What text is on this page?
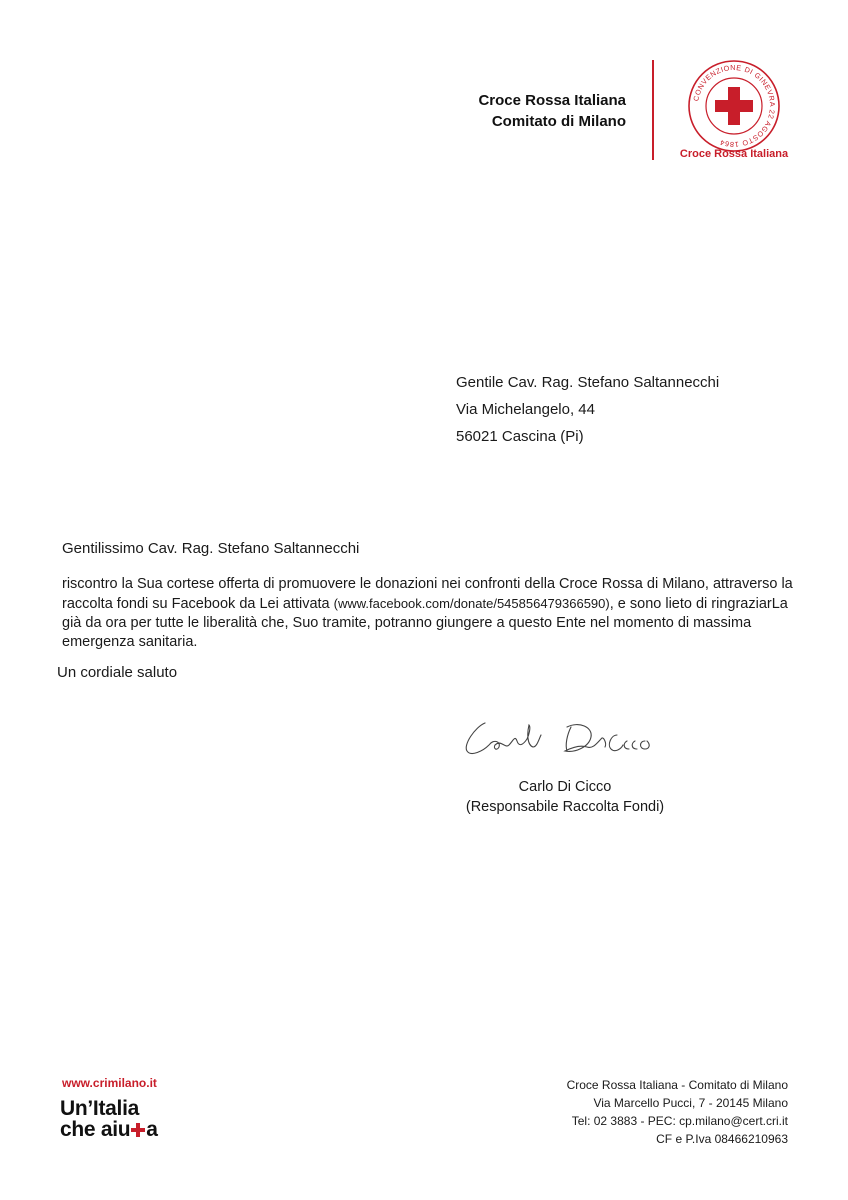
Croce Rossa Italiana
Comitato di Milano
CONVENZIONE DI GINEVRA 22 AGOSTO 1864
Croce Rossa Italiana
Gentile Cav. Rag. Stefano Saltannecchi
Via Michelangelo, 44
56021 Cascina (Pi)
Gentilissimo Cav. Rag. Stefano Saltannecchi
riscontro la Sua cortese offerta di promuovere le donazioni nei confronti della Croce Rossa di Milano, attraverso la raccolta fondi su Facebook da Lei attivata (www.facebook.com/donate/545856479366590), e sono lieto di ringraziarLa già da ora per tutte le liberalità che, Suo tramite, potranno giungere a questo Ente nel momento di massima emergenza sanitaria.
Un cordiale saluto
Carlo Di Cicco
(Responsabile Raccolta Fondi)
www.crimilano.it
Un’Italia
che aiu a
Croce Rossa Italiana - Comitato di Milano
Via Marcello Pucci, 7 - 20145 Milano
Tel: 02 3883 - PEC: cp.milano@cert.cri.it
CF e P.Iva 08466210963
